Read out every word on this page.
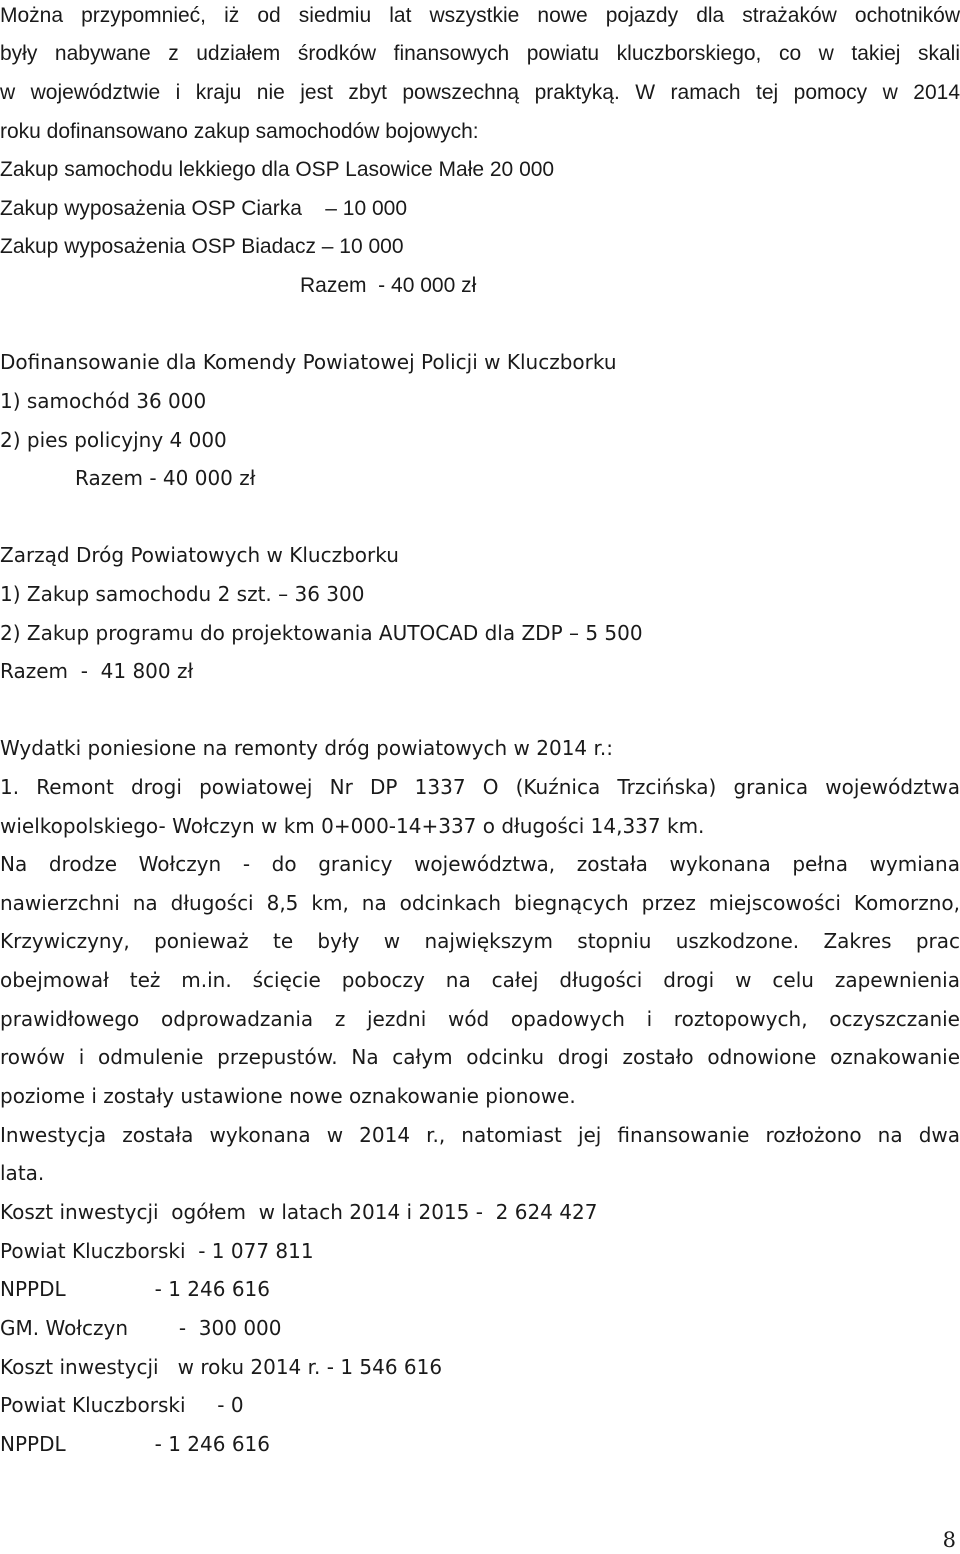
Można przypomnieć, iż od siedmiu lat wszystkie nowe pojazdy dla strażaków ochotników
były nabywane z udziałem środków finansowych powiatu kluczborskiego, co w takiej skali
w województwie i kraju nie jest zbyt powszechną praktyką. W ramach tej pomocy w 2014
roku dofinansowano zakup samochodów bojowych:
Zakup samochodu lekkiego dla OSP Lasowice Małe 20 000
Zakup wyposażenia OSP Ciarka    – 10 000
Zakup wyposażenia OSP Biadacz – 10 000
Razem  - 40 000 zł
Dofinansowanie dla Komendy Powiatowej Policji w Kluczborku
1) samochód 36 000
2) pies policyjny 4 000
Razem - 40 000 zł
Zarząd Dróg Powiatowych w Kluczborku
1) Zakup samochodu 2 szt. – 36 300
2) Zakup programu do projektowania AUTOCAD dla ZDP – 5 500
Razem  -  41 800 zł
Wydatki poniesione na remonty dróg powiatowych w 2014 r.:
1. Remont drogi powiatowej Nr DP 1337 O (Kuźnica Trzcińska) granica województwa
wielkopolskiego- Wołczyn w km 0+000-14+337 o długości 14,337 km.
Na drodze Wołczyn - do granicy województwa, została wykonana pełna wymiana
nawierzchni na długości 8,5 km, na odcinkach biegnących przez miejscowości Komorzno,
Krzywiczyny, ponieważ te były w największym stopniu uszkodzone. Zakres prac
obejmował też m.in. ścięcie poboczy na całej długości drogi w celu zapewnienia
prawidłowego odprowadzania z jezdni wód opadowych i roztopowych, oczyszczanie
rowów i odmulenie przepustów. Na całym odcinku drogi zostało odnowione oznakowanie
poziome i zostały ustawione nowe oznakowanie pionowe.
Inwestycja została wykonana w 2014 r., natomiast jej finansowanie rozłożono na dwa
lata.
Koszt inwestycji  ogółem  w latach 2014 i 2015 -  2 624 427
Powiat Kluczborski  - 1 077 811
NPPDL              - 1 246 616
GM. Wołczyn        -  300 000
Koszt inwestycji   w roku 2014 r. - 1 546 616
Powiat Kluczborski     - 0
NPPDL              - 1 246 616
8
